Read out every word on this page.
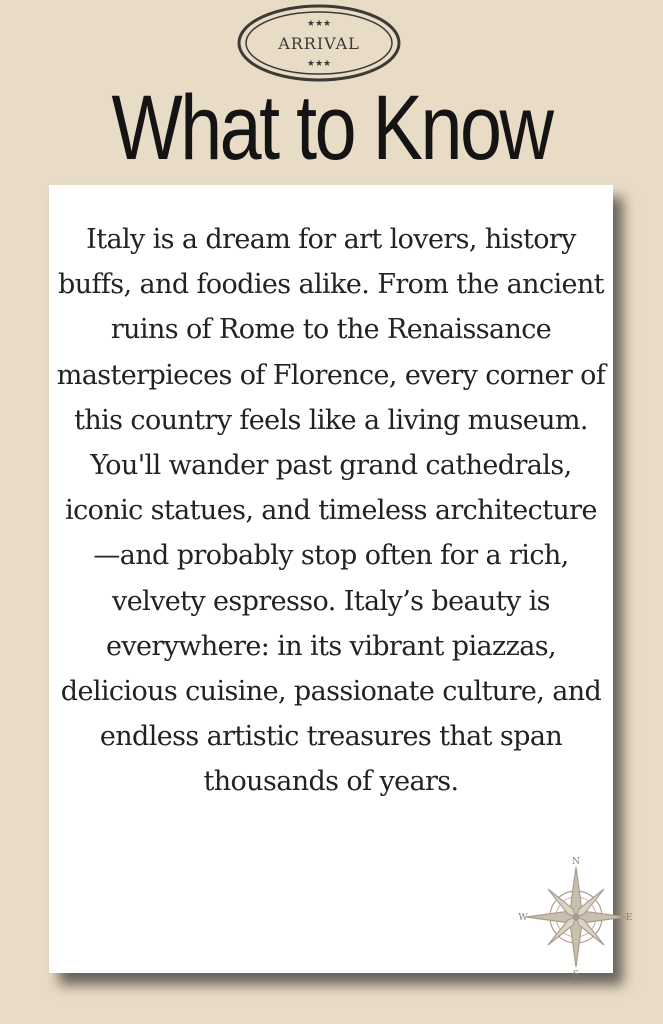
★★★
ARRIVAL
★★★
What to Know

Italy is a dream for art lovers, history buffs, and foodies alike. From the ancient ruins of Rome to the Renaissance masterpieces of Florence, every corner of this country feels like a living museum. You'll wander past grand cathedrals, iconic statues, and timeless architecture—and probably stop often for a rich, velvety espresso. Italy’s beauty is everywhere: in its vibrant piazzas, delicious cuisine, passionate culture, and endless artistic treasures that span thousands of years.

N
S
W	E
